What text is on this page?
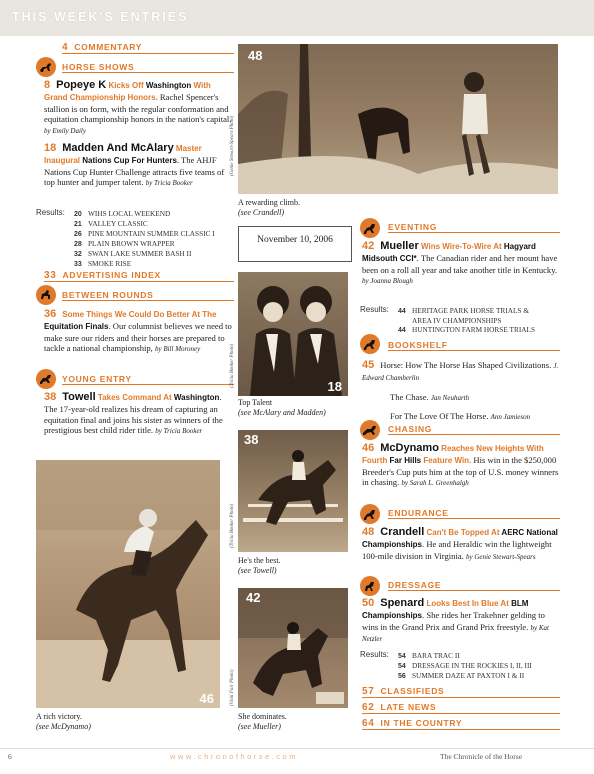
THIS WEEK'S ENTRIES
4 COMMENTARY
HORSE SHOWS
8 Popeye K Kicks Off Washington With Grand Championship Honors. Rachel Spencer's stallion is on form, with the regular conformation and equitation championship honors in the nation's capital. by Emily Daily
18 Madden And McAlary Master Inaugural Nations Cup For Hunters. The AHJF Nations Cup Hunter Challenge attracts five teams of top hunter and jumper talent. by Tricia Booker
Results: 20 WIHS LOCAL WEEKEND
21 VALLEY CLASSIC
26 PINE MOUNTAIN SUMMER CLASSIC I
28 PLAIN BROWN WRAPPER
32 SWAN LAKE SUMMER BASH II
33 SMOKE RISE
33 ADVERTISING INDEX
BETWEEN ROUNDS
36 Some Things We Could Do Better At The Equitation Finals. Our columnist believes we need to make sure our riders and their horses are prepared to tackle a national championship, by Bill Moroney
YOUNG ENTRY
38 Towell Takes Command At Washington. The 17-year-old realizes his dream of capturing an equitation final and joins his sister as winners of the prestigious best child rider title. by Tricia Booker
46
A rich victory.
(see McDynamo)
48
(Genie Stewart-Spears Photo)
A rewarding climb.
(see Crandell)
November 10, 2006
18
(Tricia Booker Photo)
Top Talent
(see McAlary and Madden)
38
(Tricia Booker Photo)
He's the best.
(see Towell)
42
(Vicki Fair Photo)
She dominates.
(see Mueller)
EVENTING
42 Mueller Wins Wire-To-Wire At Hagyard Midsouth CCI*. The Canadian rider and her mount have been on a roll all year and take another title in Kentucky. by Joanna Blough
Results: 44 HERITAGE PARK HORSE TRIALS &
AREA IV CHAMPIONSHIPS
44 HUNTINGTON FARM HORSE TRIALS
BOOKSHELF
45 Horse: How The Horse Has Shaped Civilizations. J. Edward Chamberlin
The Chase. Jan Neuharth
For The Love Of The Horse. Ann Jamieson
CHASING
46 McDynamo Reaches New Heights With Fourth Far Hills Feature Win. His win in the $250,000 Breeder's Cup puts him at the top of U.S. money winners in chasing. by Sarah L. Greenhalgh
ENDURANCE
48 Crandell Can't Be Topped At AERC National Championships. He and Heraldic win the lightweight 100-mile division in Virginia. by Genie Stewart-Spears
DRESSAGE
50 Spenard Looks Best In Blue At BLM Championships. She rides her Trakehner gelding to wins in the Grand Prix and Grand Prix freestyle. by Kat Netzler
Results: 54 BARA TRAC II
54 DRESSAGE IN THE ROCKIES I, II, III
56 SUMMER DAZE AT PAXTON I & II
57 CLASSIFIEDS
62 LATE NEWS
64 IN THE COUNTRY
6	www.chronofhorse.com	The Chronicle of the Horse
